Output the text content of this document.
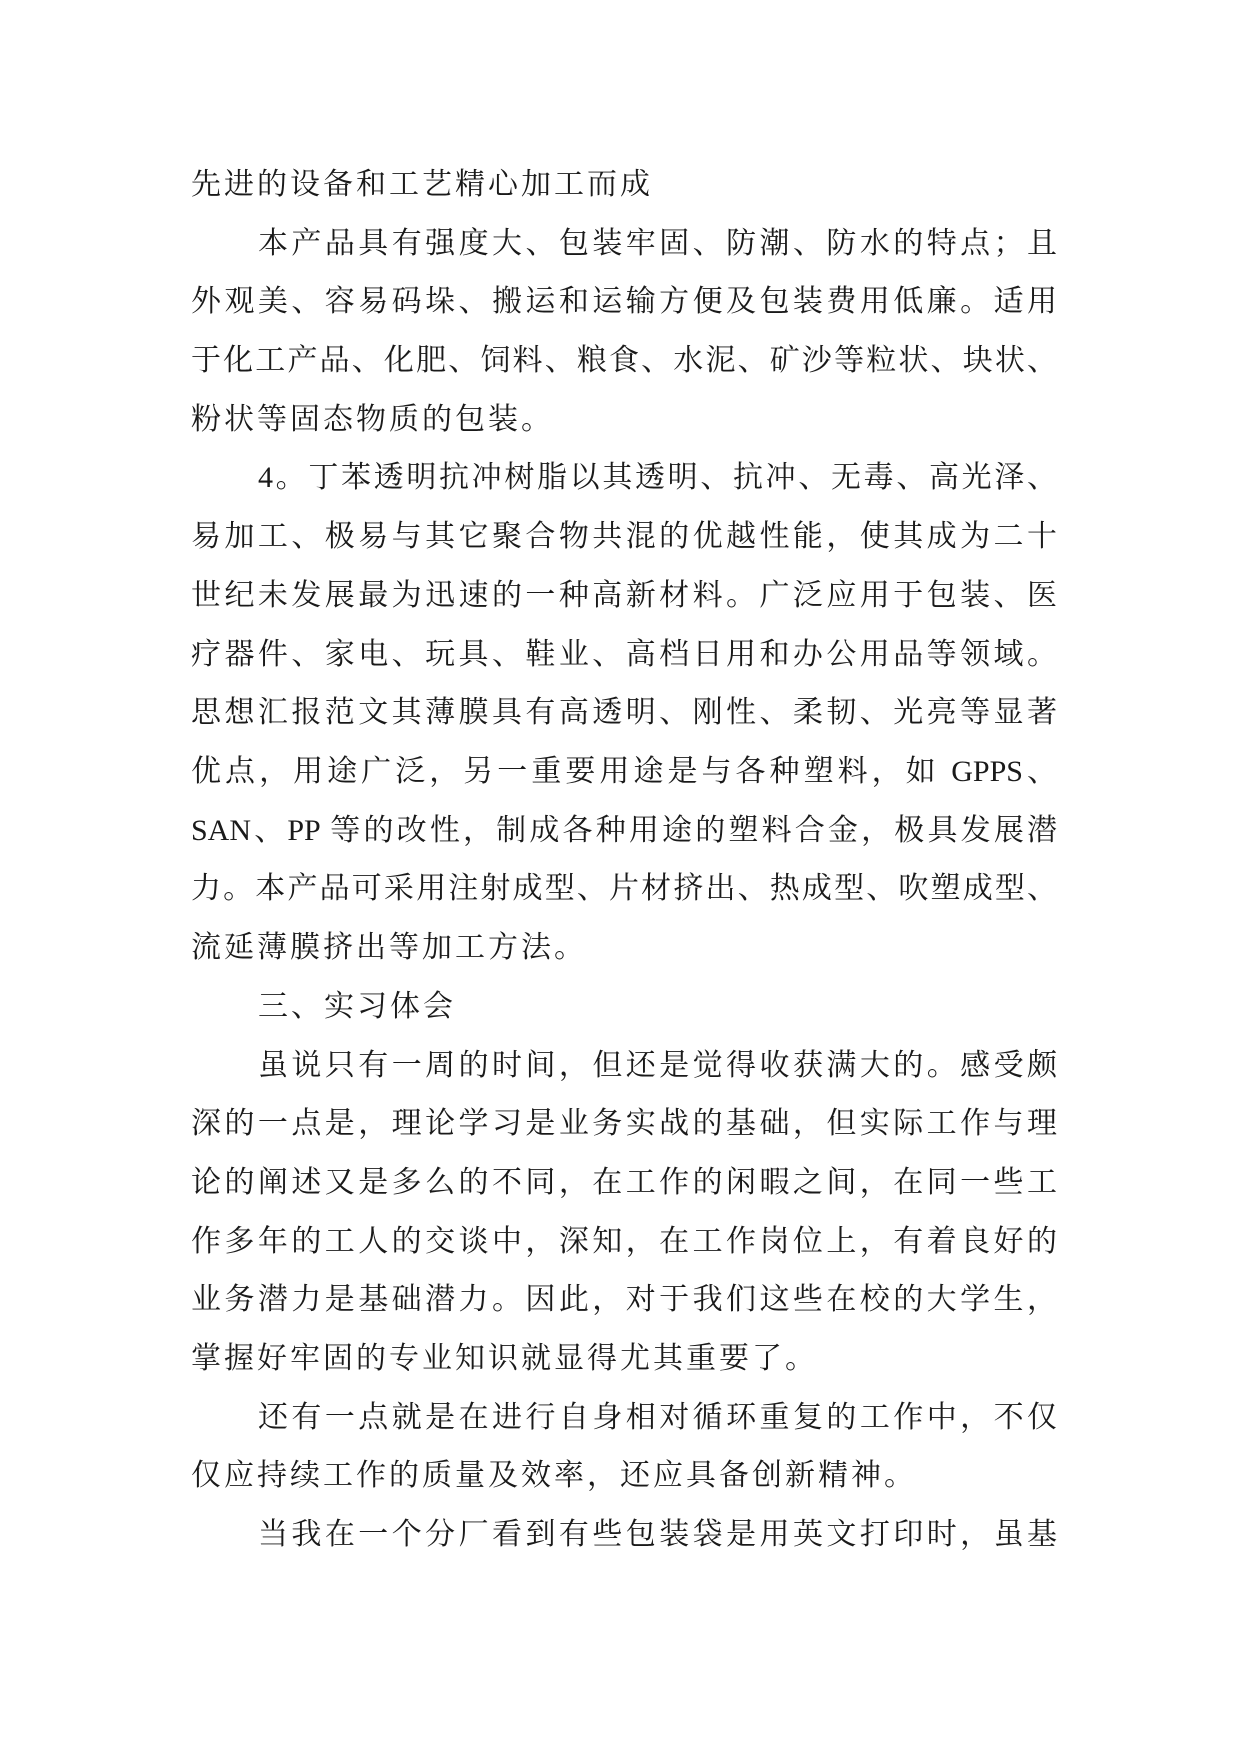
先进的设备和工艺精心加工而成
本产品具有强度大、包装牢固、防潮、防水的特点；且
外观美、容易码垛、搬运和运输方便及包装费用低廉。适用
于化工产品、化肥、饲料、粮食、水泥、矿沙等粒状、块状、
粉状等固态物质的包装。
4。丁苯透明抗冲树脂以其透明、抗冲、无毒、高光泽、
易加工、极易与其它聚合物共混的优越性能，使其成为二十
世纪未发展最为迅速的一种高新材料。广泛应用于包装、医
疗器件、家电、玩具、鞋业、高档日用和办公用品等领域。
思想汇报范文其薄膜具有高透明、刚性、柔韧、光亮等显著
优点，用途广泛，另一重要用途是与各种塑料，如 GPPS、
SAN、PP 等的改性，制成各种用途的塑料合金，极具发展潜
力。本产品可采用注射成型、片材挤出、热成型、吹塑成型、
流延薄膜挤出等加工方法。
三、实习体会
虽说只有一周的时间，但还是觉得收获满大的。感受颇
深的一点是，理论学习是业务实战的基础，但实际工作与理
论的阐述又是多么的不同，在工作的闲暇之间，在同一些工
作多年的工人的交谈中，深知，在工作岗位上，有着良好的
业务潜力是基础潜力。因此，对于我们这些在校的大学生，
掌握好牢固的专业知识就显得尤其重要了。
还有一点就是在进行自身相对循环重复的工作中，不仅
仅应持续工作的质量及效率，还应具备创新精神。
当我在一个分厂看到有些包装袋是用英文打印时，虽基
